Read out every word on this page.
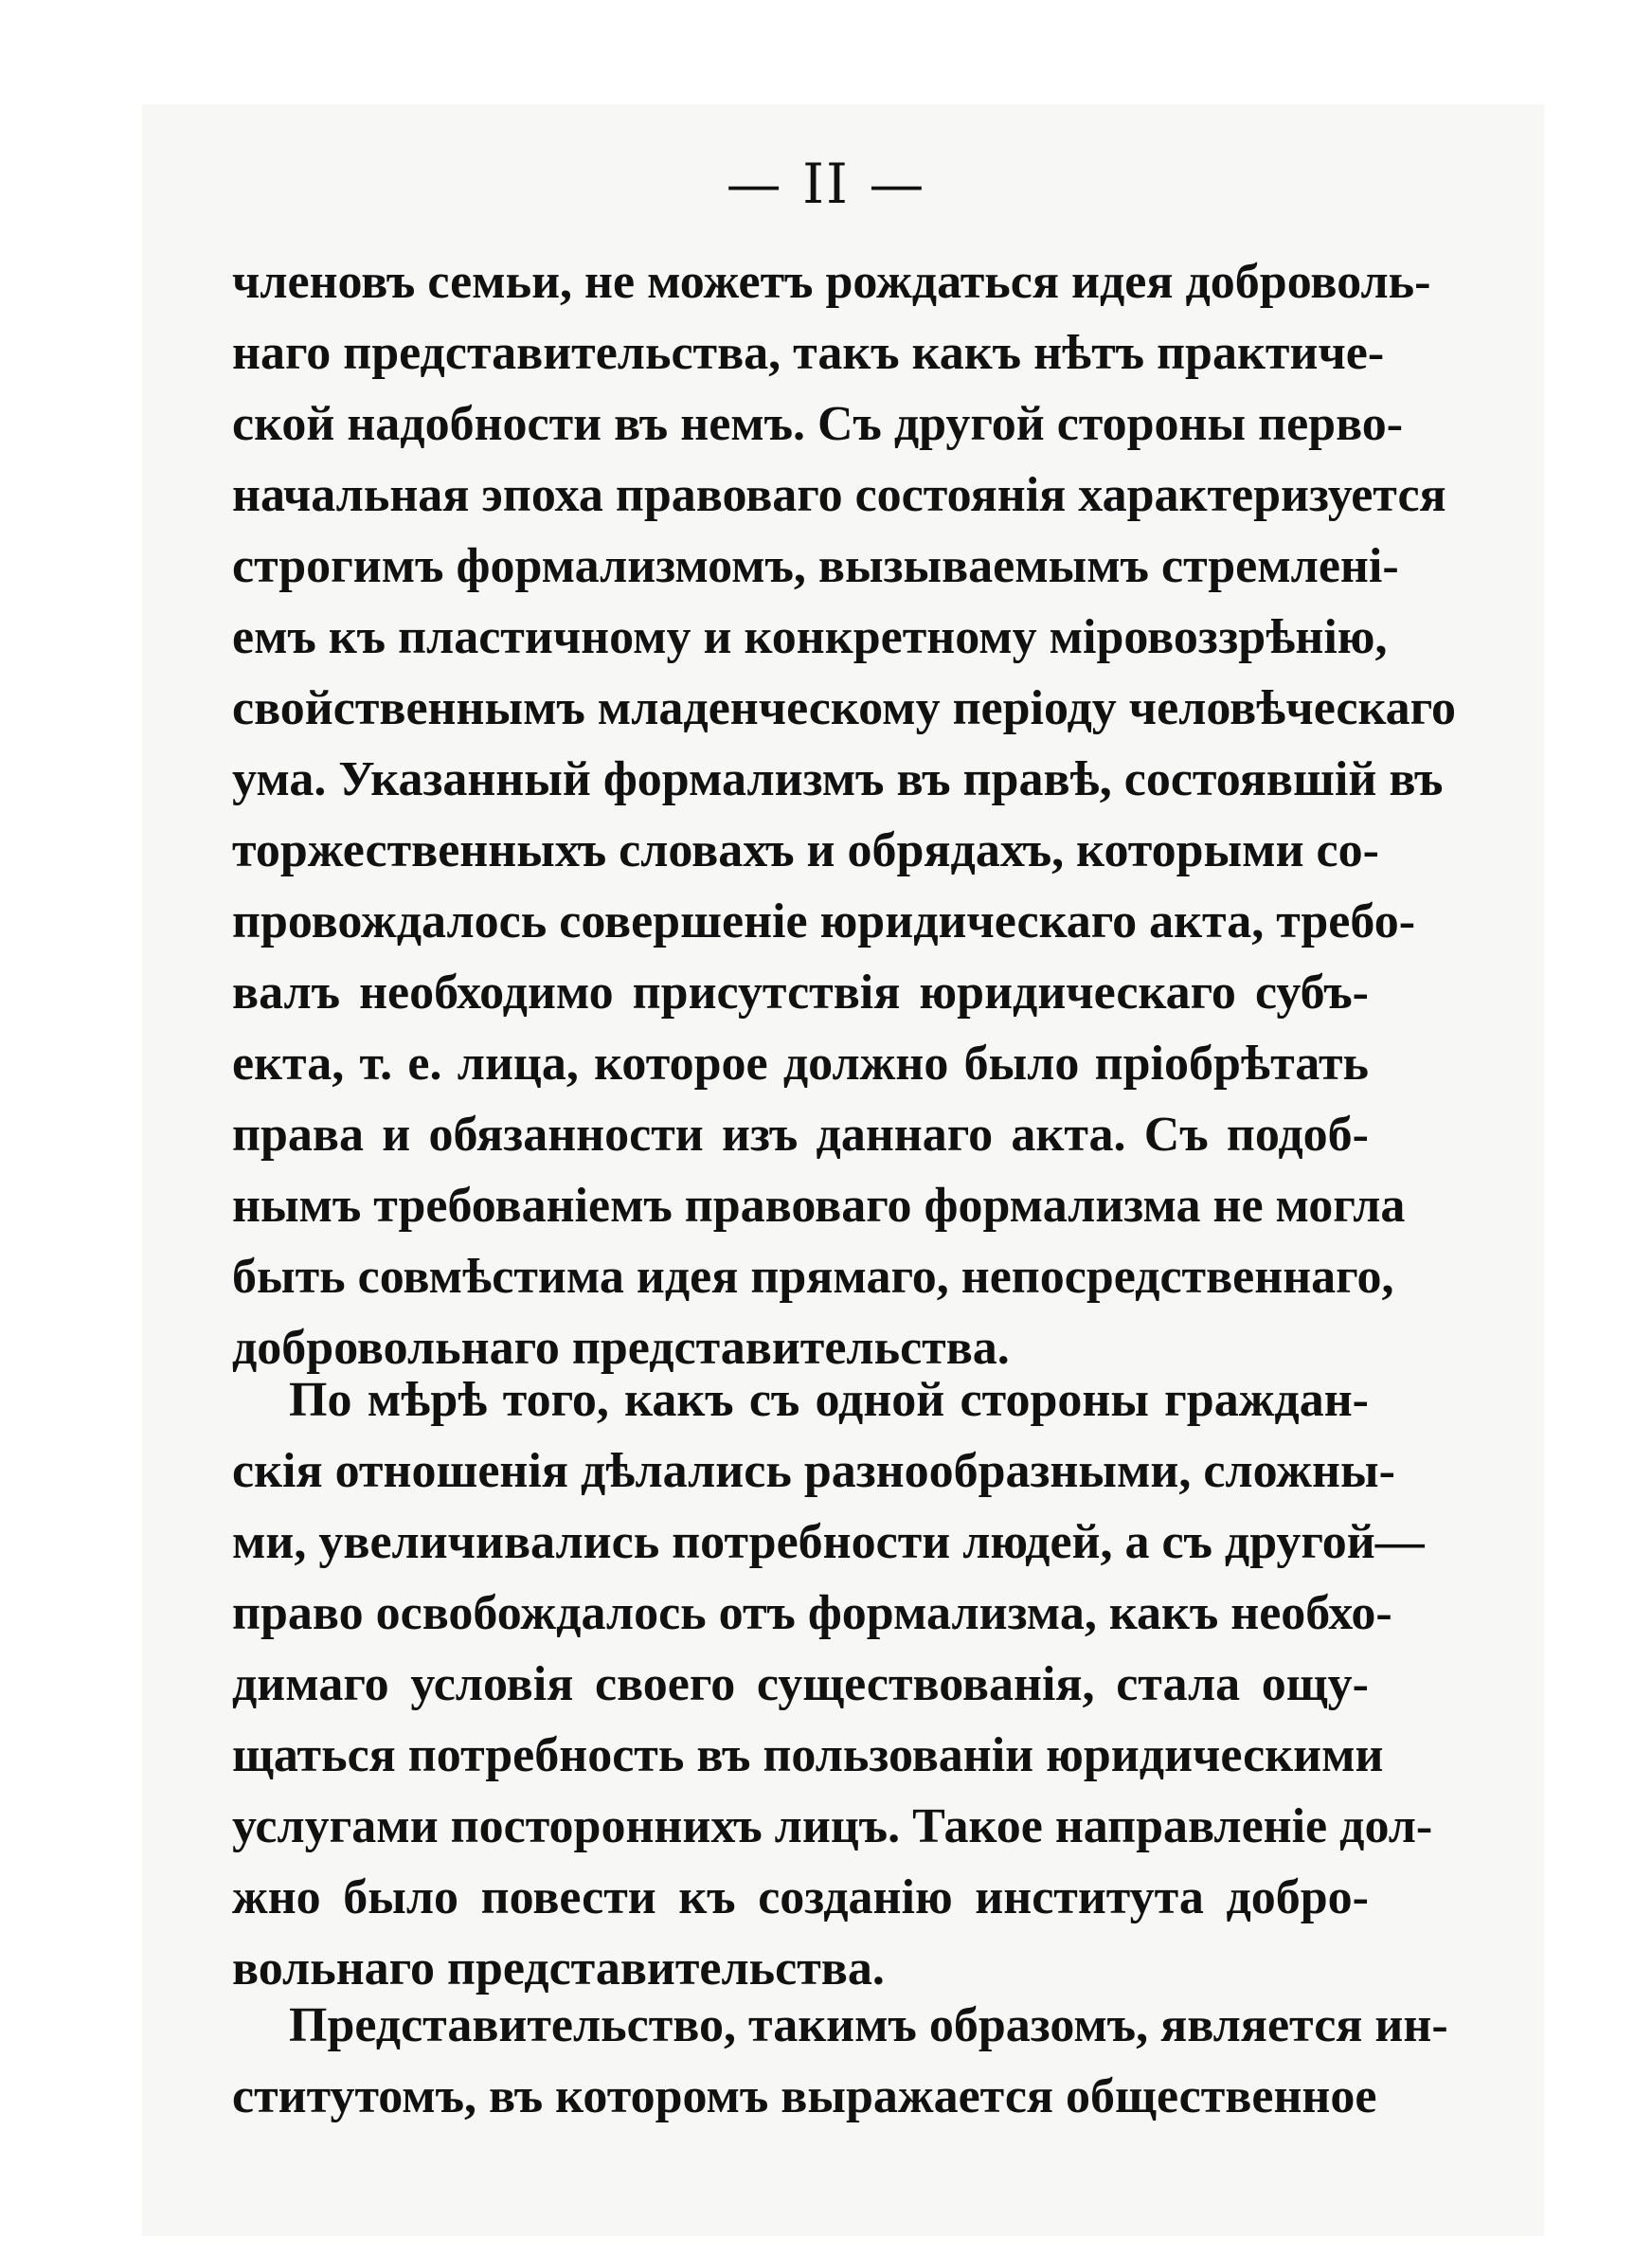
— II —
членовъ семьи, не можетъ рождаться идея доброволь-
наго представительства, такъ какъ нѣтъ практиче-
ской надобности въ немъ. Съ другой стороны перво-
начальная эпоха правоваго состоянія характеризуется
строгимъ формализмомъ, вызываемымъ стремлені-
емъ къ пластичному и конкретному міровоззрѣнію,
свойственнымъ младенческому періоду человѣческаго
ума. Указанный формализмъ въ правѣ, состоявшій въ
торжественныхъ словахъ и обрядахъ, которыми со-
провождалось совершеніе юридическаго акта, требо-
валъ необходимо присутствія юридическаго субъ-
екта, т. е. лица, которое должно было пріобрѣтать
права и обязанности изъ даннаго акта. Съ подоб-
нымъ требованіемъ правоваго формализма не могла
быть совмѣстима идея прямаго, непосредственнаго,
добровольнаго представительства.
По мѣрѣ того, какъ съ одной стороны граждан-
скія отношенія дѣлались разнообразными, сложны-
ми, увеличивались потребности людей, а съ другой—
право освобождалось отъ формализма, какъ необхо-
димаго условія своего существованія, стала ощу-
щаться потребность въ пользованіи юридическими
услугами постороннихъ лицъ. Такое направленіе дол-
жно было повести къ созданію института добро-
вольнаго представительства.
Представительство, такимъ образомъ, является ин-
ститутомъ, въ которомъ выражается общественное
